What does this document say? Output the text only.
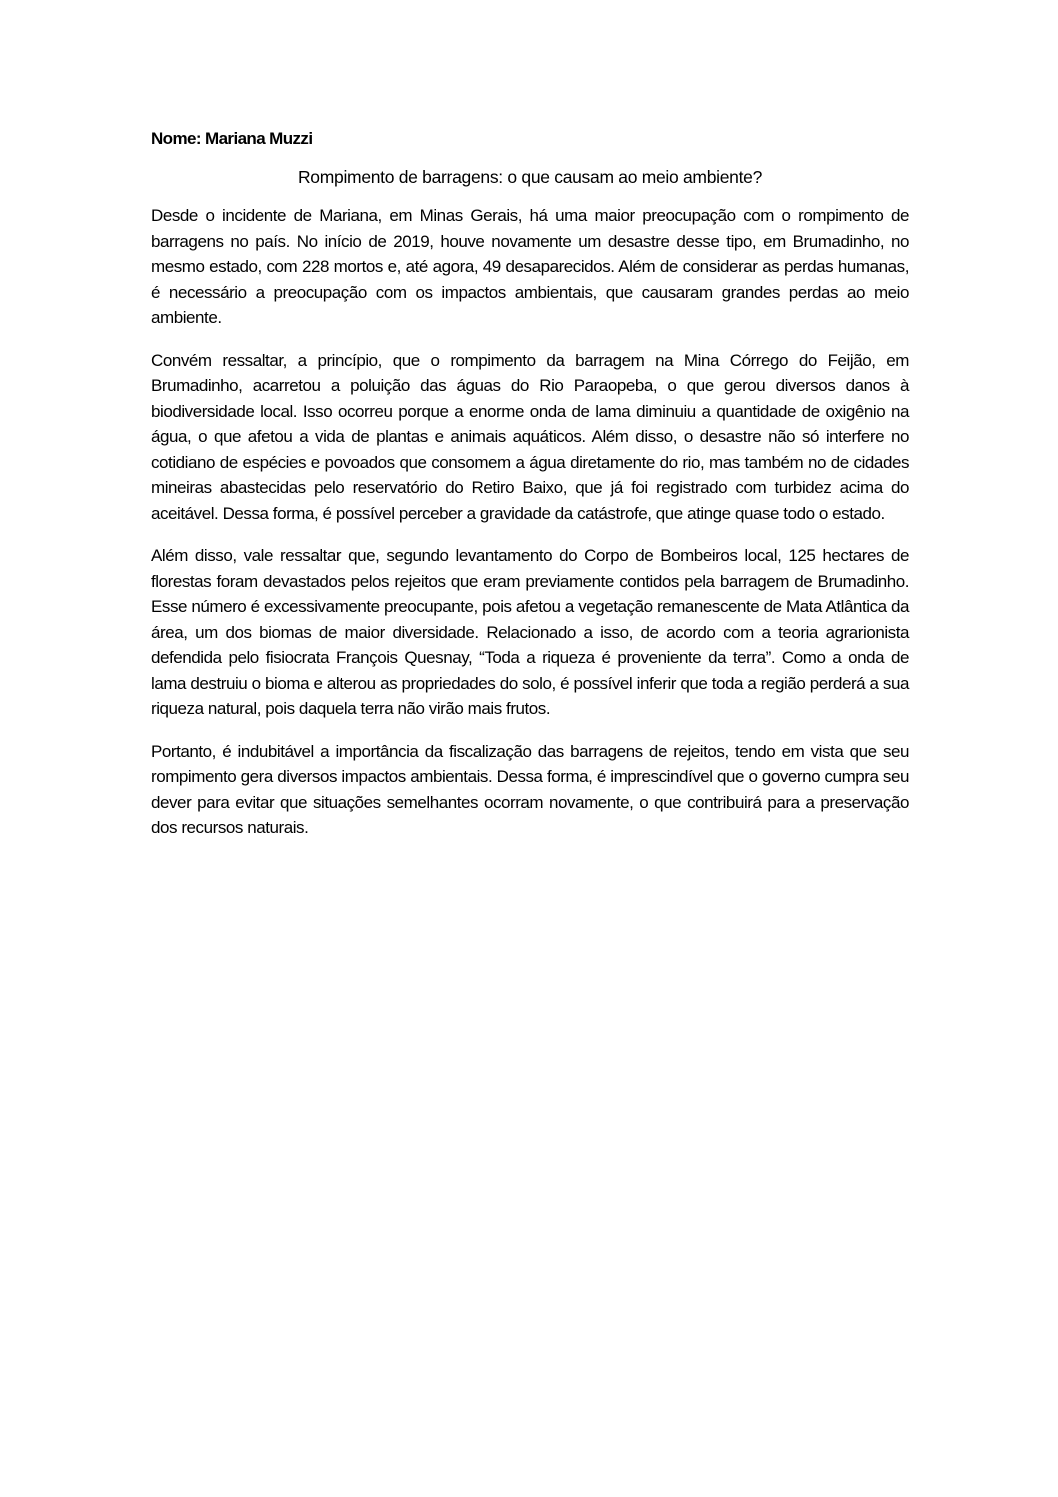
Nome: Mariana Muzzi

Rompimento de barragens: o que causam ao meio ambiente?

Desde o incidente de Mariana, em Minas Gerais, há uma maior preocupação com o rompimento de barragens no país. No início de 2019, houve novamente um desastre desse tipo, em Brumadinho, no mesmo estado, com 228 mortos e, até agora, 49 desaparecidos. Além de considerar as perdas humanas, é necessário a preocupação com os impactos ambientais, que causaram grandes perdas ao meio ambiente.

Convém ressaltar, a princípio, que o rompimento da barragem na Mina Córrego do Feijão, em Brumadinho, acarretou a poluição das águas do Rio Paraopeba, o que gerou diversos danos à biodiversidade local. Isso ocorreu porque a enorme onda de lama diminuiu a quantidade de oxigênio na água, o que afetou a vida de plantas e animais aquáticos. Além disso, o desastre não só interfere no cotidiano de espécies e povoados que consomem a água diretamente do rio, mas também no de cidades mineiras abastecidas pelo reservatório do Retiro Baixo, que já foi registrado com turbidez acima do aceitável. Dessa forma, é possível perceber a gravidade da catástrofe, que atinge quase todo o estado.

Além disso, vale ressaltar que, segundo levantamento do Corpo de Bombeiros local, 125 hectares de florestas foram devastados pelos rejeitos que eram previamente contidos pela barragem de Brumadinho. Esse número é excessivamente preocupante, pois afetou a vegetação remanescente de Mata Atlântica da área, um dos biomas de maior diversidade. Relacionado a isso, de acordo com a teoria agrarionista defendida pelo fisiocrata François Quesnay, “Toda a riqueza é proveniente da terra”. Como a onda de lama destruiu o bioma e alterou as propriedades do solo, é possível inferir que toda a região perderá a sua riqueza natural, pois daquela terra não virão mais frutos.

Portanto, é indubitável a importância da fiscalização das barragens de rejeitos, tendo em vista que seu rompimento gera diversos impactos ambientais. Dessa forma, é imprescindível que o governo cumpra seu dever para evitar que situações semelhantes ocorram novamente, o que contribuirá para a preservação dos recursos naturais.
